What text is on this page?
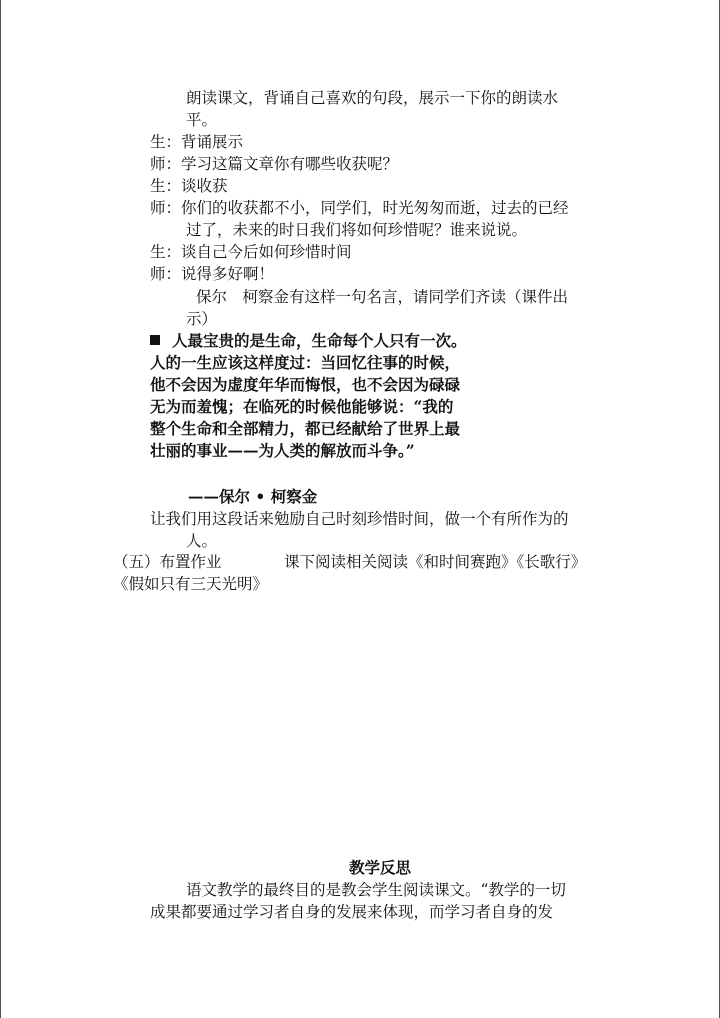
朗读课文，背诵自己喜欢的句段，展示一下你的朗读水
平。
生：背诵展示
师：学习这篇文章你有哪些收获呢？
生：谈收获
师：你们的收获都不小，同学们，时光匆匆而逝，过去的已经
过了，未来的时日我们将如何珍惜呢？谁来说说。
生：谈自己今后如何珍惜时间
师：说得多好啊！
保尔　柯察金有这样一句名言，请同学们齐读（课件出
示）
人最宝贵的是生命，生命每个人只有一次。
人的一生应该这样度过：当回忆往事的时候，
他不会因为虚度年华而悔恨，也不会因为碌碌
无为而羞愧；在临死的时候他能够说：“我的
整个生命和全部精力，都已经献给了世界上最
壮丽的事业——为人类的解放而斗争。”
——保尔 • 柯察金
让我们用这段话来勉励自己时刻珍惜时间，做一个有所作为的
人。
（五）布置作业	课下阅读相关阅读《和时间赛跑》《长歌行》
《假如只有三天光明》
教学反思
语文教学的最终目的是教会学生阅读课文。“教学的一切
成果都要通过学习者自身的发展来体现，而学习者自身的发
